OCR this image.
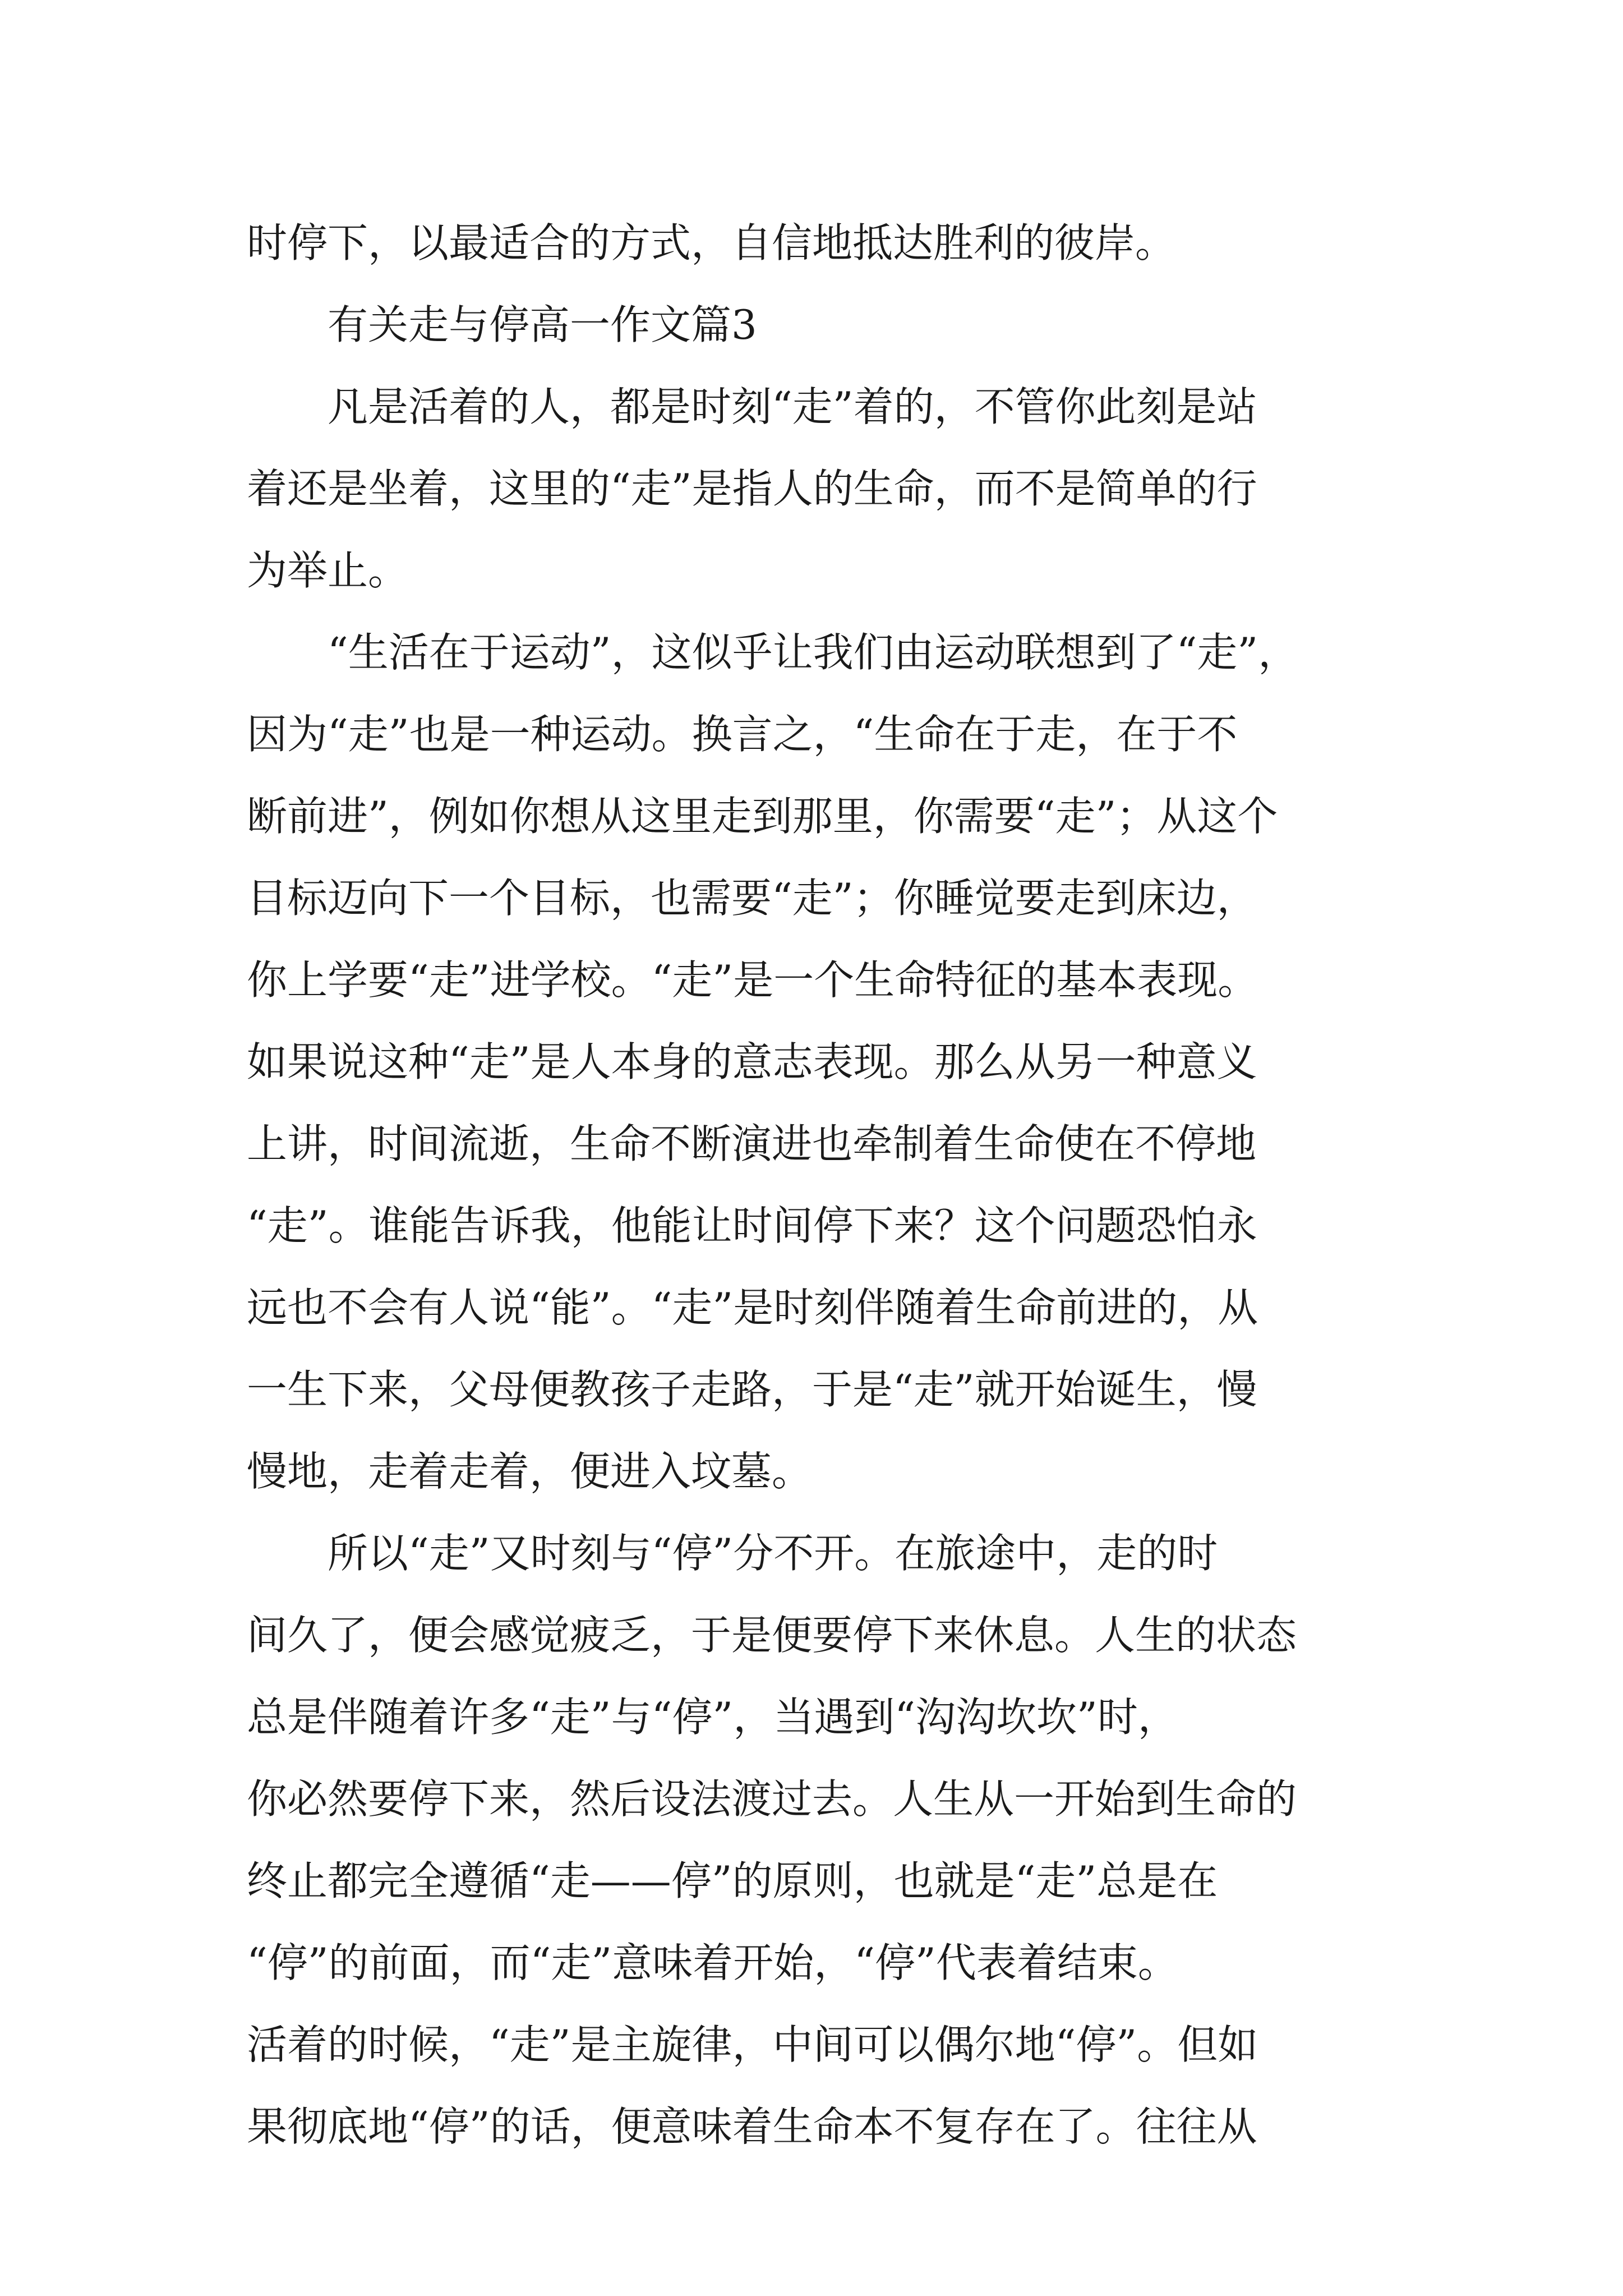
时停下，以最适合的方式，自信地抵达胜利的彼岸。
有关走与停高一作文篇3
凡是活着的人，都是时刻“走”着的，不管你此刻是站
着还是坐着，这里的“走”是指人的生命，而不是简单的行
为举止。
“生活在于运动”，这似乎让我们由运动联想到了“走”，
因为“走”也是一种运动。换言之，“生命在于走，在于不
断前进”，例如你想从这里走到那里，你需要“走”；从这个
目标迈向下一个目标，也需要“走”；你睡觉要走到床边，
你上学要“走”进学校。“走”是一个生命特征的基本表现。
如果说这种“走”是人本身的意志表现。那么从另一种意义
上讲，时间流逝，生命不断演进也牵制着生命使在不停地
“走”。谁能告诉我，他能让时间停下来？这个问题恐怕永
远也不会有人说“能”。“走”是时刻伴随着生命前进的，从
一生下来，父母便教孩子走路，于是“走”就开始诞生，慢
慢地，走着走着，便进入坟墓。
所以“走”又时刻与“停”分不开。在旅途中，走的时
间久了，便会感觉疲乏，于是便要停下来休息。人生的状态
总是伴随着许多“走”与“停”，当遇到“沟沟坎坎”时，
你必然要停下来，然后设法渡过去。人生从一开始到生命的
终止都完全遵循“走——停”的原则，也就是“走”总是在
“停”的前面，而“走”意味着开始，“停”代表着结束。
活着的时候，“走”是主旋律，中间可以偶尔地“停”。但如
果彻底地“停”的话，便意味着生命本不复存在了。往往从
